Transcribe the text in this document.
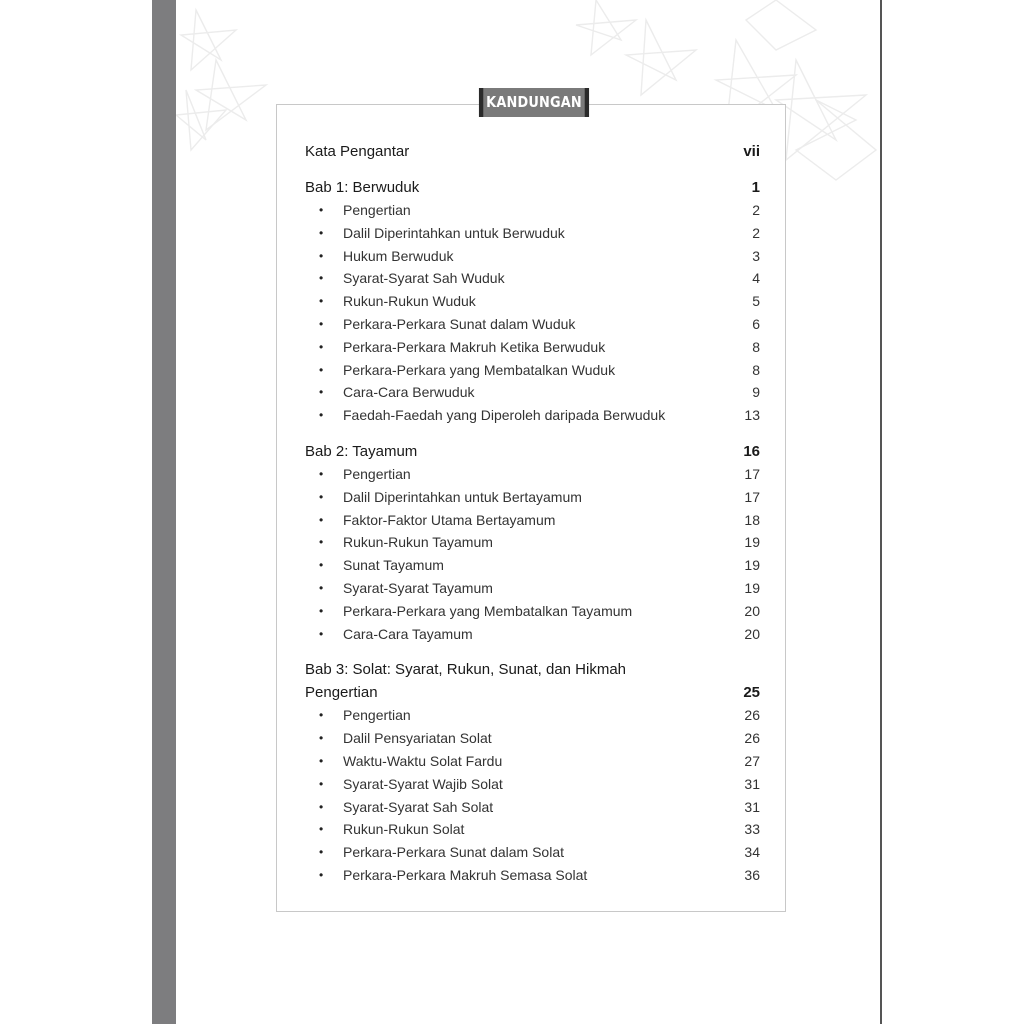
KANDUNGAN
Kata Pengantar	vii
Bab 1: Berwuduk	1
• Pengertian	2
• Dalil Diperintahkan untuk Berwuduk	2
• Hukum Berwuduk	3
• Syarat-Syarat Sah Wuduk	4
• Rukun-Rukun Wuduk	5
• Perkara-Perkara Sunat dalam Wuduk	6
• Perkara-Perkara Makruh Ketika Berwuduk	8
• Perkara-Perkara yang Membatalkan Wuduk	8
• Cara-Cara Berwuduk	9
• Faedah-Faedah yang Diperoleh daripada Berwuduk	13
Bab 2: Tayamum	16
• Pengertian	17
• Dalil Diperintahkan untuk Bertayamum	17
• Faktor-Faktor Utama Bertayamum	18
• Rukun-Rukun Tayamum	19
• Sunat Tayamum	19
• Syarat-Syarat Tayamum	19
• Perkara-Perkara yang Membatalkan Tayamum	20
• Cara-Cara Tayamum	20
Bab 3: Solat: Syarat, Rukun, Sunat, dan Hikmah
Pengertian	25
• Pengertian	26
• Dalil Pensyariatan Solat	26
• Waktu-Waktu Solat Fardu	27
• Syarat-Syarat Wajib Solat	31
• Syarat-Syarat Sah Solat	31
• Rukun-Rukun Solat	33
• Perkara-Perkara Sunat dalam Solat	34
• Perkara-Perkara Makruh Semasa Solat	36
